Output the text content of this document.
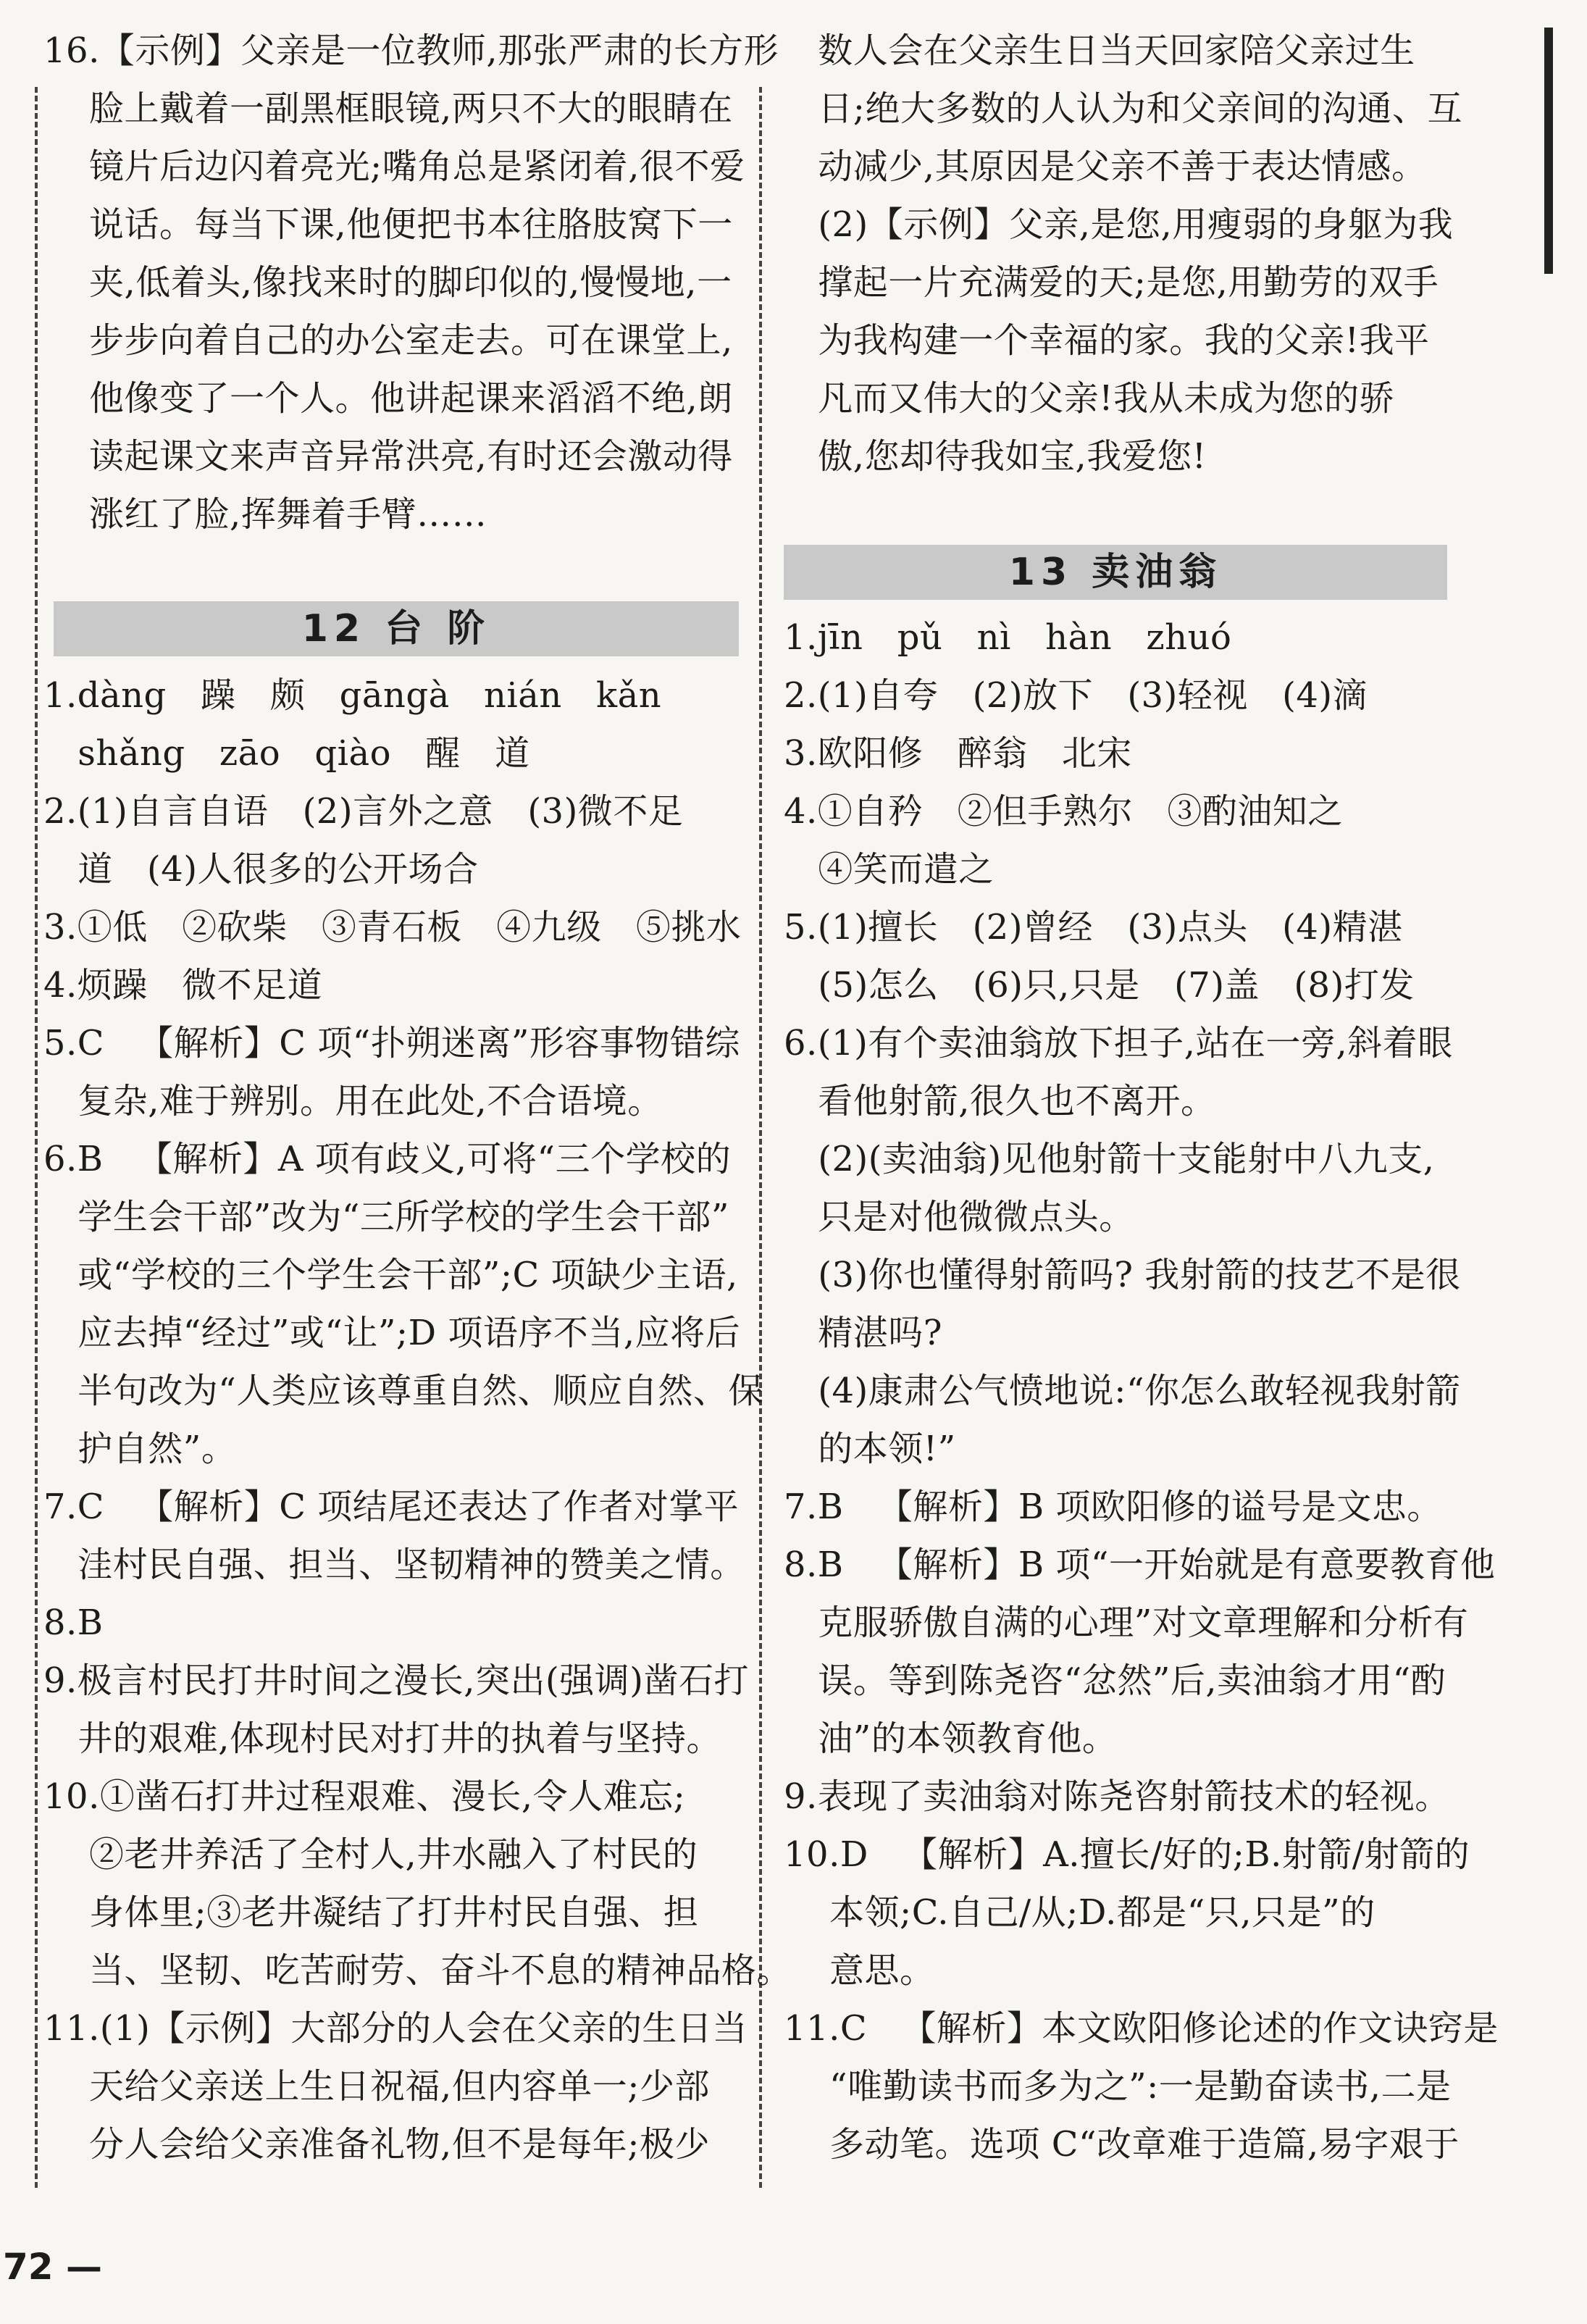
16.【示例】父亲是一位教师,那张严肃的长方形
脸上戴着一副黑框眼镜,两只不大的眼睛在
镜片后边闪着亮光;嘴角总是紧闭着,很不爱
说话。每当下课,他便把书本往胳肢窝下一
夹,低着头,像找来时的脚印似的,慢慢地,一
步步向着自己的办公室走去。可在课堂上,
他像变了一个人。他讲起课来滔滔不绝,朗
读起课文来声音异常洪亮,有时还会激动得
涨红了脸,挥舞着手臂……
12 台 阶
1.dàng   躁   颇   gāngà   nián   kǎn
shǎng   zāo   qiào   醒   道
2.(1)自言自语   (2)言外之意   (3)微不足
道   (4)人很多的公开场合
3.①低   ②砍柴   ③青石板   ④九级   ⑤挑水
4.烦躁   微不足道
5.C   【解析】C 项“扑朔迷离”形容事物错综
复杂,难于辨别。用在此处,不合语境。
6.B   【解析】A 项有歧义,可将“三个学校的
学生会干部”改为“三所学校的学生会干部”
或“学校的三个学生会干部”;C 项缺少主语,
应去掉“经过”或“让”;D 项语序不当,应将后
半句改为“人类应该尊重自然、顺应自然、保
护自然”。
7.C   【解析】C 项结尾还表达了作者对掌平
洼村民自强、担当、坚韧精神的赞美之情。
8.B
9.极言村民打井时间之漫长,突出(强调)凿石打
井的艰难,体现村民对打井的执着与坚持。
10.①凿石打井过程艰难、漫长,令人难忘;
②老井养活了全村人,井水融入了村民的
身体里;③老井凝结了打井村民自强、担
当、坚韧、吃苦耐劳、奋斗不息的精神品格。
11.(1)【示例】大部分的人会在父亲的生日当
天给父亲送上生日祝福,但内容单一;少部
分人会给父亲准备礼物,但不是每年;极少
数人会在父亲生日当天回家陪父亲过生
日;绝大多数的人认为和父亲间的沟通、互
动减少,其原因是父亲不善于表达情感。
(2)【示例】父亲,是您,用瘦弱的身躯为我
撑起一片充满爱的天;是您,用勤劳的双手
为我构建一个幸福的家。我的父亲!我平
凡而又伟大的父亲!我从未成为您的骄
傲,您却待我如宝,我爱您!
13 卖油翁
1.jīn   pǔ   nì   hàn   zhuó
2.(1)自夸   (2)放下   (3)轻视   (4)滴
3.欧阳修   醉翁   北宋
4.①自矜   ②但手熟尔   ③酌油知之
④笑而遣之
5.(1)擅长   (2)曾经   (3)点头   (4)精湛
(5)怎么   (6)只,只是   (7)盖   (8)打发
6.(1)有个卖油翁放下担子,站在一旁,斜着眼
看他射箭,很久也不离开。
(2)(卖油翁)见他射箭十支能射中八九支,
只是对他微微点头。
(3)你也懂得射箭吗? 我射箭的技艺不是很
精湛吗?
(4)康肃公气愤地说:“你怎么敢轻视我射箭
的本领!”
7.B   【解析】B 项欧阳修的谥号是文忠。
8.B   【解析】B 项“一开始就是有意要教育他
克服骄傲自满的心理”对文章理解和分析有
误。等到陈尧咨“忿然”后,卖油翁才用“酌
油”的本领教育他。
9.表现了卖油翁对陈尧咨射箭技术的轻视。
10.D   【解析】A.擅长/好的;B.射箭/射箭的
本领;C.自己/从;D.都是“只,只是”的
意思。
11.C   【解析】本文欧阳修论述的作文诀窍是
“唯勤读书而多为之”:一是勤奋读书,二是
多动笔。选项 C“改章难于造篇,易字艰于
72 —
